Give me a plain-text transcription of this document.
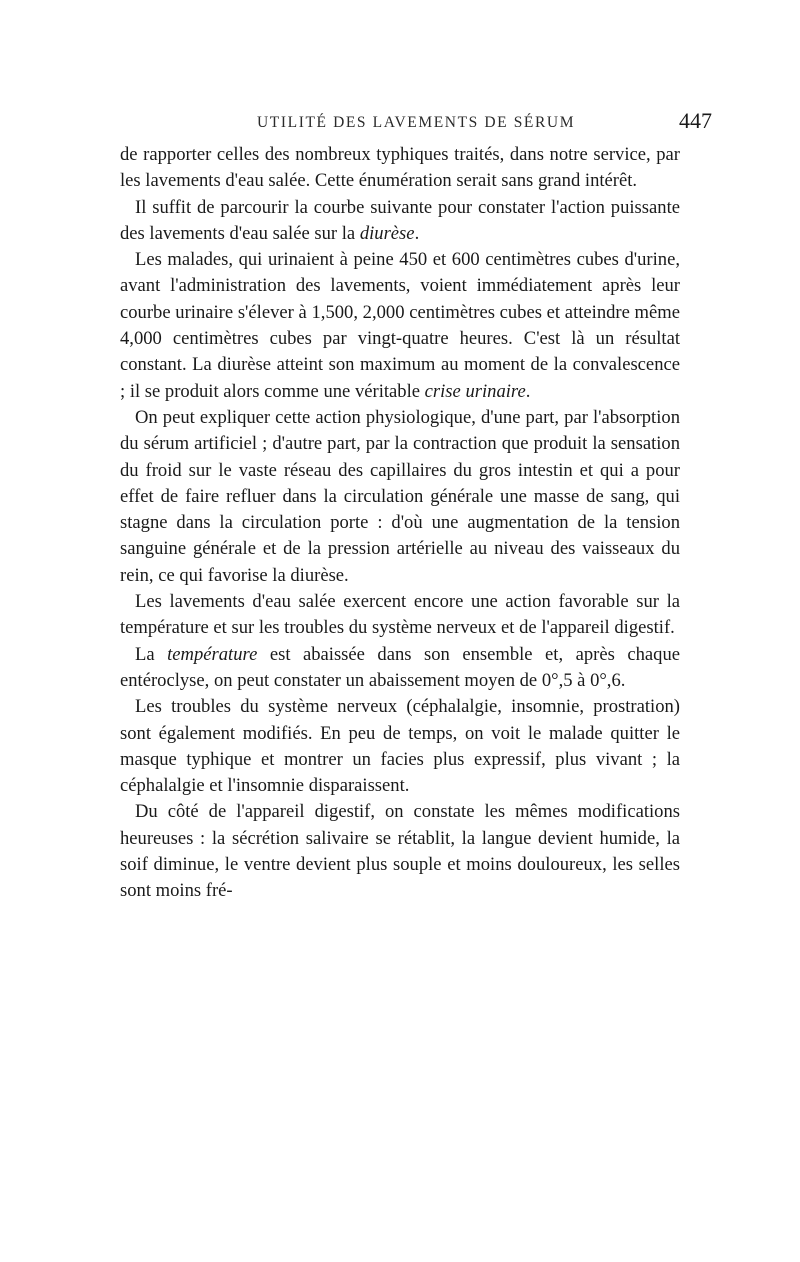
UTILITÉ DES LAVEMENTS DE SÉRUM	447

de rapporter celles des nombreux typhiques traités, dans notre service, par les lavements d'eau salée. Cette énumération serait sans grand intérêt.

Il suffit de parcourir la courbe suivante pour constater l'action puissante des lavements d'eau salée sur la diurèse.

Les malades, qui urinaient à peine 450 et 600 centimètres cubes d'urine, avant l'administration des lavements, voient immédiatement après leur courbe urinaire s'élever à 1,500, 2,000 centimètres cubes et atteindre même 4,000 centimètres cubes par vingt-quatre heures. C'est là un résultat constant. La diurèse atteint son maximum au moment de la convalescence ; il se produit alors comme une véritable crise urinaire.

On peut expliquer cette action physiologique, d'une part, par l'absorption du sérum artificiel ; d'autre part, par la contraction que produit la sensation du froid sur le vaste réseau des capillaires du gros intestin et qui a pour effet de faire refluer dans la circulation générale une masse de sang, qui stagne dans la circulation porte : d'où une augmentation de la tension sanguine générale et de la pression artérielle au niveau des vaisseaux du rein, ce qui favorise la diurèse.

Les lavements d'eau salée exercent encore une action favorable sur la température et sur les troubles du système nerveux et de l'appareil digestif.

La température est abaissée dans son ensemble et, après chaque entéroclyse, on peut constater un abaissement moyen de 0°,5 à 0°,6.

Les troubles du système nerveux (céphalalgie, insomnie, prostration) sont également modifiés. En peu de temps, on voit le malade quitter le masque typhique et montrer un facies plus expressif, plus vivant ; la céphalalgie et l'insomnie disparaissent.

Du côté de l'appareil digestif, on constate les mêmes modifications heureuses : la sécrétion salivaire se rétablit, la langue devient humide, la soif diminue, le ventre devient plus souple et moins douloureux, les selles sont moins fré-
